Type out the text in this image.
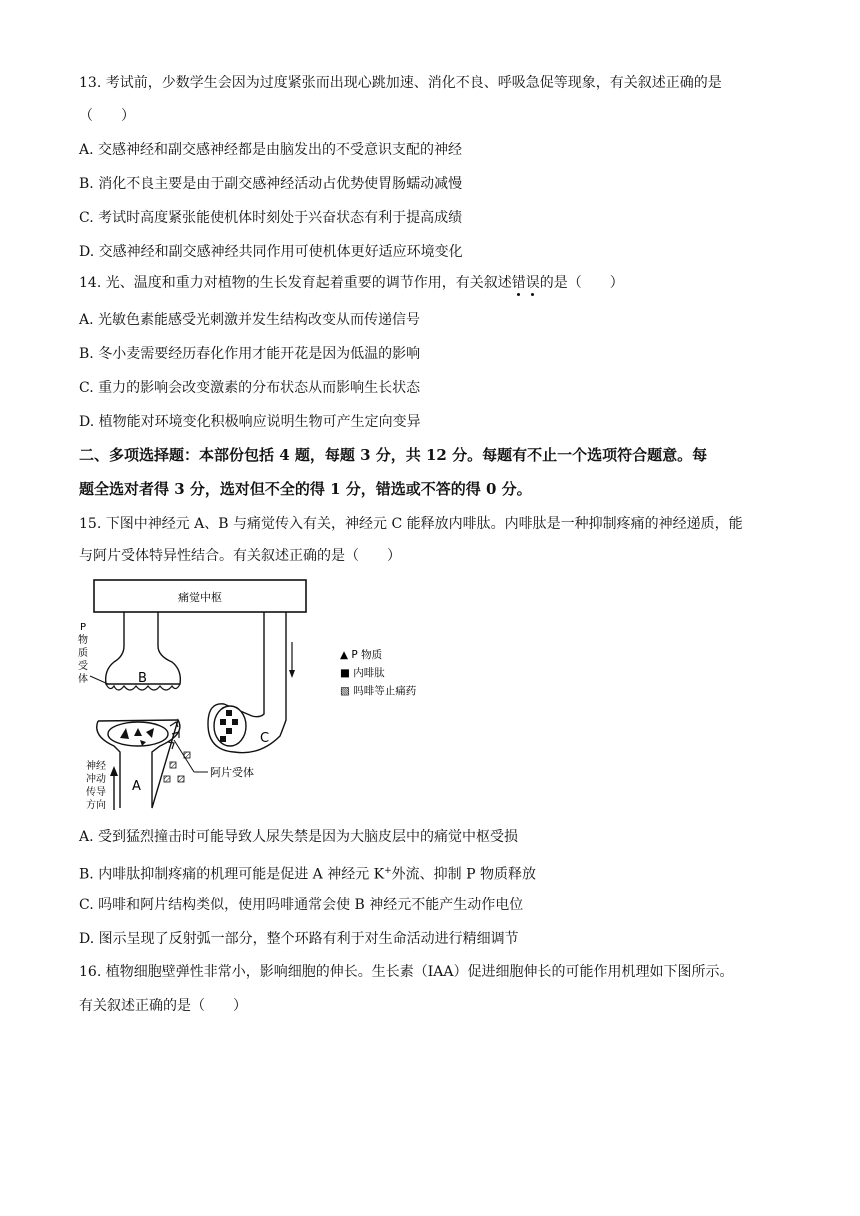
13. 考试前，少数学生会因为过度紧张而出现心跳加速、消化不良、呼吸急促等现象，有关叙述正确的是
（　　）
A. 交感神经和副交感神经都是由脑发出的不受意识支配的神经
B. 消化不良主要是由于副交感神经活动占优势使胃肠蠕动减慢
C. 考试时高度紧张能使机体时刻处于兴奋状态有利于提高成绩
D. 交感神经和副交感神经共同作用可使机体更好适应环境变化
14. 光、温度和重力对植物的生长发育起着重要的调节作用，有关叙述错误的是（　　）
A. 光敏色素能感受光刺激并发生结构改变从而传递信号
B. 冬小麦需要经历春化作用才能开花是因为低温的影响
C. 重力的影响会改变激素的分布状态从而影响生长状态
D. 植物能对环境变化积极响应说明生物可产生定向变异
二、多项选择题：本部份包括 4 题，每题 3 分，共 12 分。每题有不止一个选项符合题意。每
题全选对者得 3 分，选对但不全的得 1 分，错选或不答的得 0 分。
15. 下图中神经元 A、B 与痛觉传入有关，神经元 C 能释放内啡肽。内啡肽是一种抑制疼痛的神经递质，能
与阿片受体特异性结合。有关叙述正确的是（　　）
痛觉中枢
B
P
物
质
受
体
A
阿片受体
神经
冲动
传导
方向
C
▲ P 物质
■ 内啡肽
▧ 吗啡等止痛药
A. 受到猛烈撞击时可能导致人尿失禁是因为大脑皮层中的痛觉中枢受损
B. 内啡肽抑制疼痛的机理可能是促进 A 神经元 K+外流、抑制 P 物质释放
C. 吗啡和阿片结构类似，使用吗啡通常会使 B 神经元不能产生动作电位
D. 图示呈现了反射弧一部分，整个环路有利于对生命活动进行精细调节
16. 植物细胞壁弹性非常小，影响细胞的伸长。生长素（IAA）促进细胞伸长的可能作用机理如下图所示。
有关叙述正确的是（　　）
